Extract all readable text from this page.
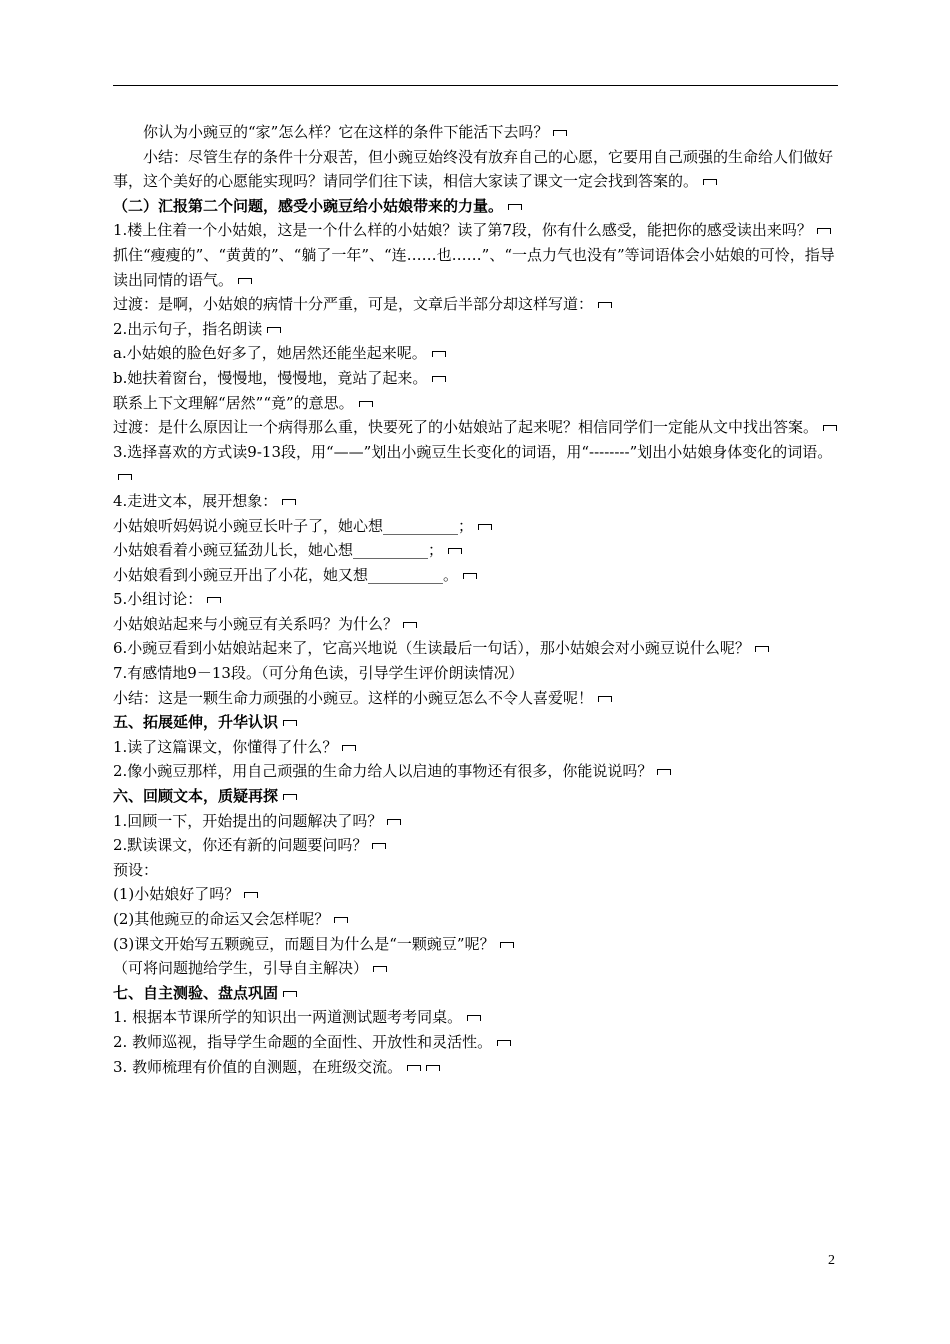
你认为小豌豆的“家”怎么样？它在这样的条件下能活下去吗？
小结：尽管生存的条件十分艰苦，但小豌豆始终没有放弃自己的心愿，它要用自己顽强的生命给人们做好事，这个美好的心愿能实现吗？请同学们往下读，相信大家读了课文一定会找到答案的。
（二）汇报第二个问题，感受小豌豆给小姑娘带来的力量。
1.楼上住着一个小姑娘，这是一个什么样的小姑娘？读了第7段，你有什么感受，能把你的感受读出来吗？
抓住“瘦瘦的”、“黄黄的”、“躺了一年”、“连……也……”、“一点力气也没有”等词语体会小姑娘的可怜，指导读出同情的语气。
过渡：是啊，小姑娘的病情十分严重，可是，文章后半部分却这样写道：
2.出示句子，指名朗读
a.小姑娘的脸色好多了，她居然还能坐起来呢。
b.她扶着窗台，慢慢地，慢慢地，竟站了起来。
联系上下文理解“居然”“竟”的意思。
过渡：是什么原因让一个病得那么重，快要死了的小姑娘站了起来呢？相信同学们一定能从文中找出答案。
3.选择喜欢的方式读9-13段，用“——”划出小豌豆生长变化的词语，用“--------”划出小姑娘身体变化的词语。
4.走进文本，展开想象：
小姑娘听妈妈说小豌豆长叶子了，她心想__________；
小姑娘看着小豌豆猛劲儿长，她心想__________；
小姑娘看到小豌豆开出了小花，她又想__________。
5.小组讨论：
小姑娘站起来与小豌豆有关系吗？为什么？
6.小豌豆看到小姑娘站起来了，它高兴地说（生读最后一句话），那小姑娘会对小豌豆说什么呢？
7.有感情地9－13段。（可分角色读，引导学生评价朗读情况）
小结：这是一颗生命力顽强的小豌豆。这样的小豌豆怎么不令人喜爱呢！
五、拓展延伸，升华认识
1.读了这篇课文，你懂得了什么？
2.像小豌豆那样，用自己顽强的生命力给人以启迪的事物还有很多，你能说说吗？
六、回顾文本，质疑再探
1.回顾一下，开始提出的问题解决了吗？
2.默读课文，你还有新的问题要问吗？
预设：
(1)小姑娘好了吗？
(2)其他豌豆的命运又会怎样呢？
(3)课文开始写五颗豌豆，而题目为什么是“一颗豌豆”呢？
（可将问题抛给学生，引导自主解决）
七、自主测验、盘点巩固
1. 根据本节课所学的知识出一两道测试题考考同桌。
2. 教师巡视，指导学生命题的全面性、开放性和灵活性。
3. 教师梳理有价值的自测题，在班级交流。
2
